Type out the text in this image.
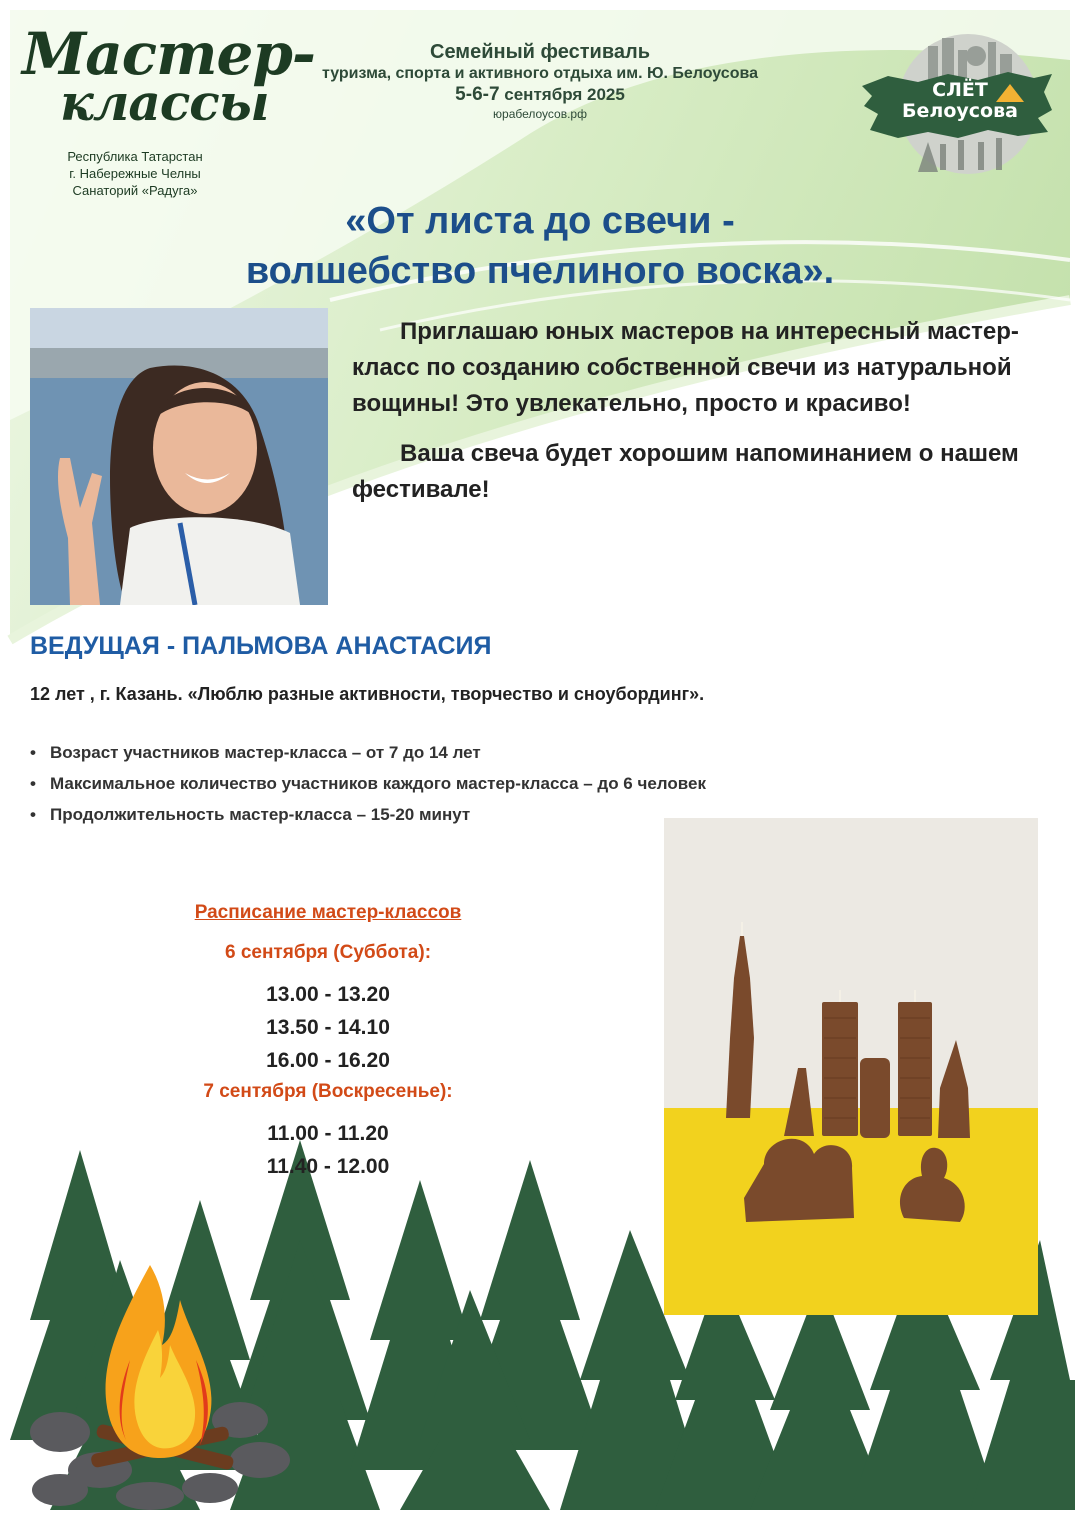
Мастер-
классы
Республика Татарстан
г. Набережные Челны
Санаторий «Радуга»
Семейный фестиваль
туризма, спорта и активного отдыха им. Ю. Белоусова
5-6-7 сентября 2025
юрабелоусов.рф
СЛЁТ
Белоусова
«От листа до свечи -
волшебство пчелиного воска».

Приглашаю юных мастеров на интересный мастер-класс по созданию собственной свечи из натуральной вощины! Это увлекательно, просто и красиво!

Ваша свеча будет хорошим напоминанием о нашем фестивале!

ВЕДУЩАЯ - ПАЛЬМОВА АНАСТАСИЯ
12 лет , г. Казань. «Люблю разные активности, творчество и сноубординг».
• Возраст участников мастер-класса – от 7 до 14 лет
• Максимальное количество участников каждого мастер-класса – до 6 человек
• Продолжительность мастер-класса – 15-20 минут
Расписание мастер-классов
6 сентября (Суббота):
13.00 - 13.20
13.50 - 14.10
16.00 - 16.20
7 сентября (Воскресенье):
11.00 - 11.20
11.40 - 12.00
